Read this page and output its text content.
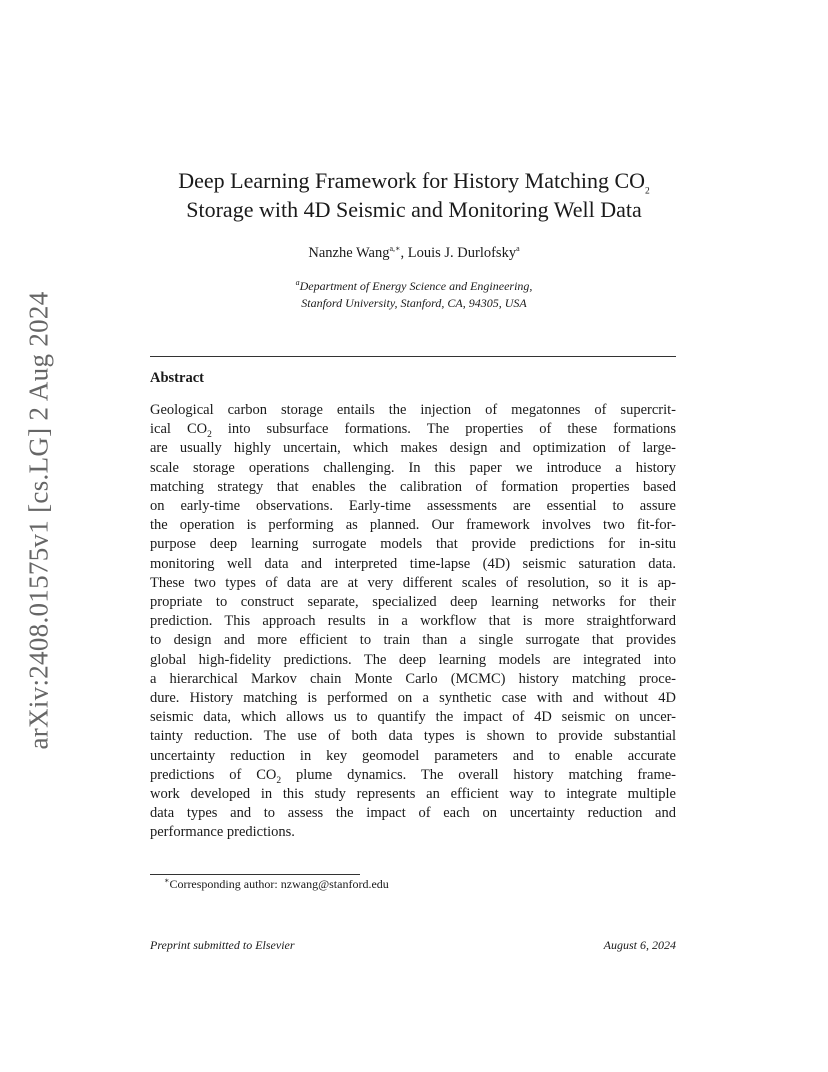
arXiv:2408.01575v1 [cs.LG] 2 Aug 2024
Deep Learning Framework for History Matching $CO_2$
Storage with 4D Seismic and Monitoring Well Data
Nanzhe Wang$^{a,∗}$, Louis J. Durlofsky$^a$
$^a$Department of Energy Science and Engineering,
Stanford University, Stanford, CA, 94305, USA
Abstract
Geological carbon storage entails the injection of megatonnes of supercrit-
ical $CO_2$ into subsurface formations. The properties of these formations
are usually highly uncertain, which makes design and optimization of large-
scale storage operations challenging. In this paper we introduce a history
matching strategy that enables the calibration of formation properties based
on early-time observations. Early-time assessments are essential to assure
the operation is performing as planned. Our framework involves two fit-for-
purpose deep learning surrogate models that provide predictions for in-situ
monitoring well data and interpreted time-lapse (4D) seismic saturation data.
These two types of data are at very different scales of resolution, so it is ap-
propriate to construct separate, specialized deep learning networks for their
prediction. This approach results in a workflow that is more straightforward
to design and more efficient to train than a single surrogate that provides
global high-fidelity predictions. The deep learning models are integrated into
a hierarchical Markov chain Monte Carlo (MCMC) history matching proce-
dure. History matching is performed on a synthetic case with and without 4D
seismic data, which allows us to quantify the impact of 4D seismic on uncer-
tainty reduction. The use of both data types is shown to provide substantial
uncertainty reduction in key geomodel parameters and to enable accurate
predictions of $CO_2$ plume dynamics. The overall history matching frame-
work developed in this study represents an efficient way to integrate multiple
data types and to assess the impact of each on uncertainty reduction and
performance predictions.
∗Corresponding author: nzwang@stanford.edu
Preprint submitted to Elsevier	August 6, 2024
